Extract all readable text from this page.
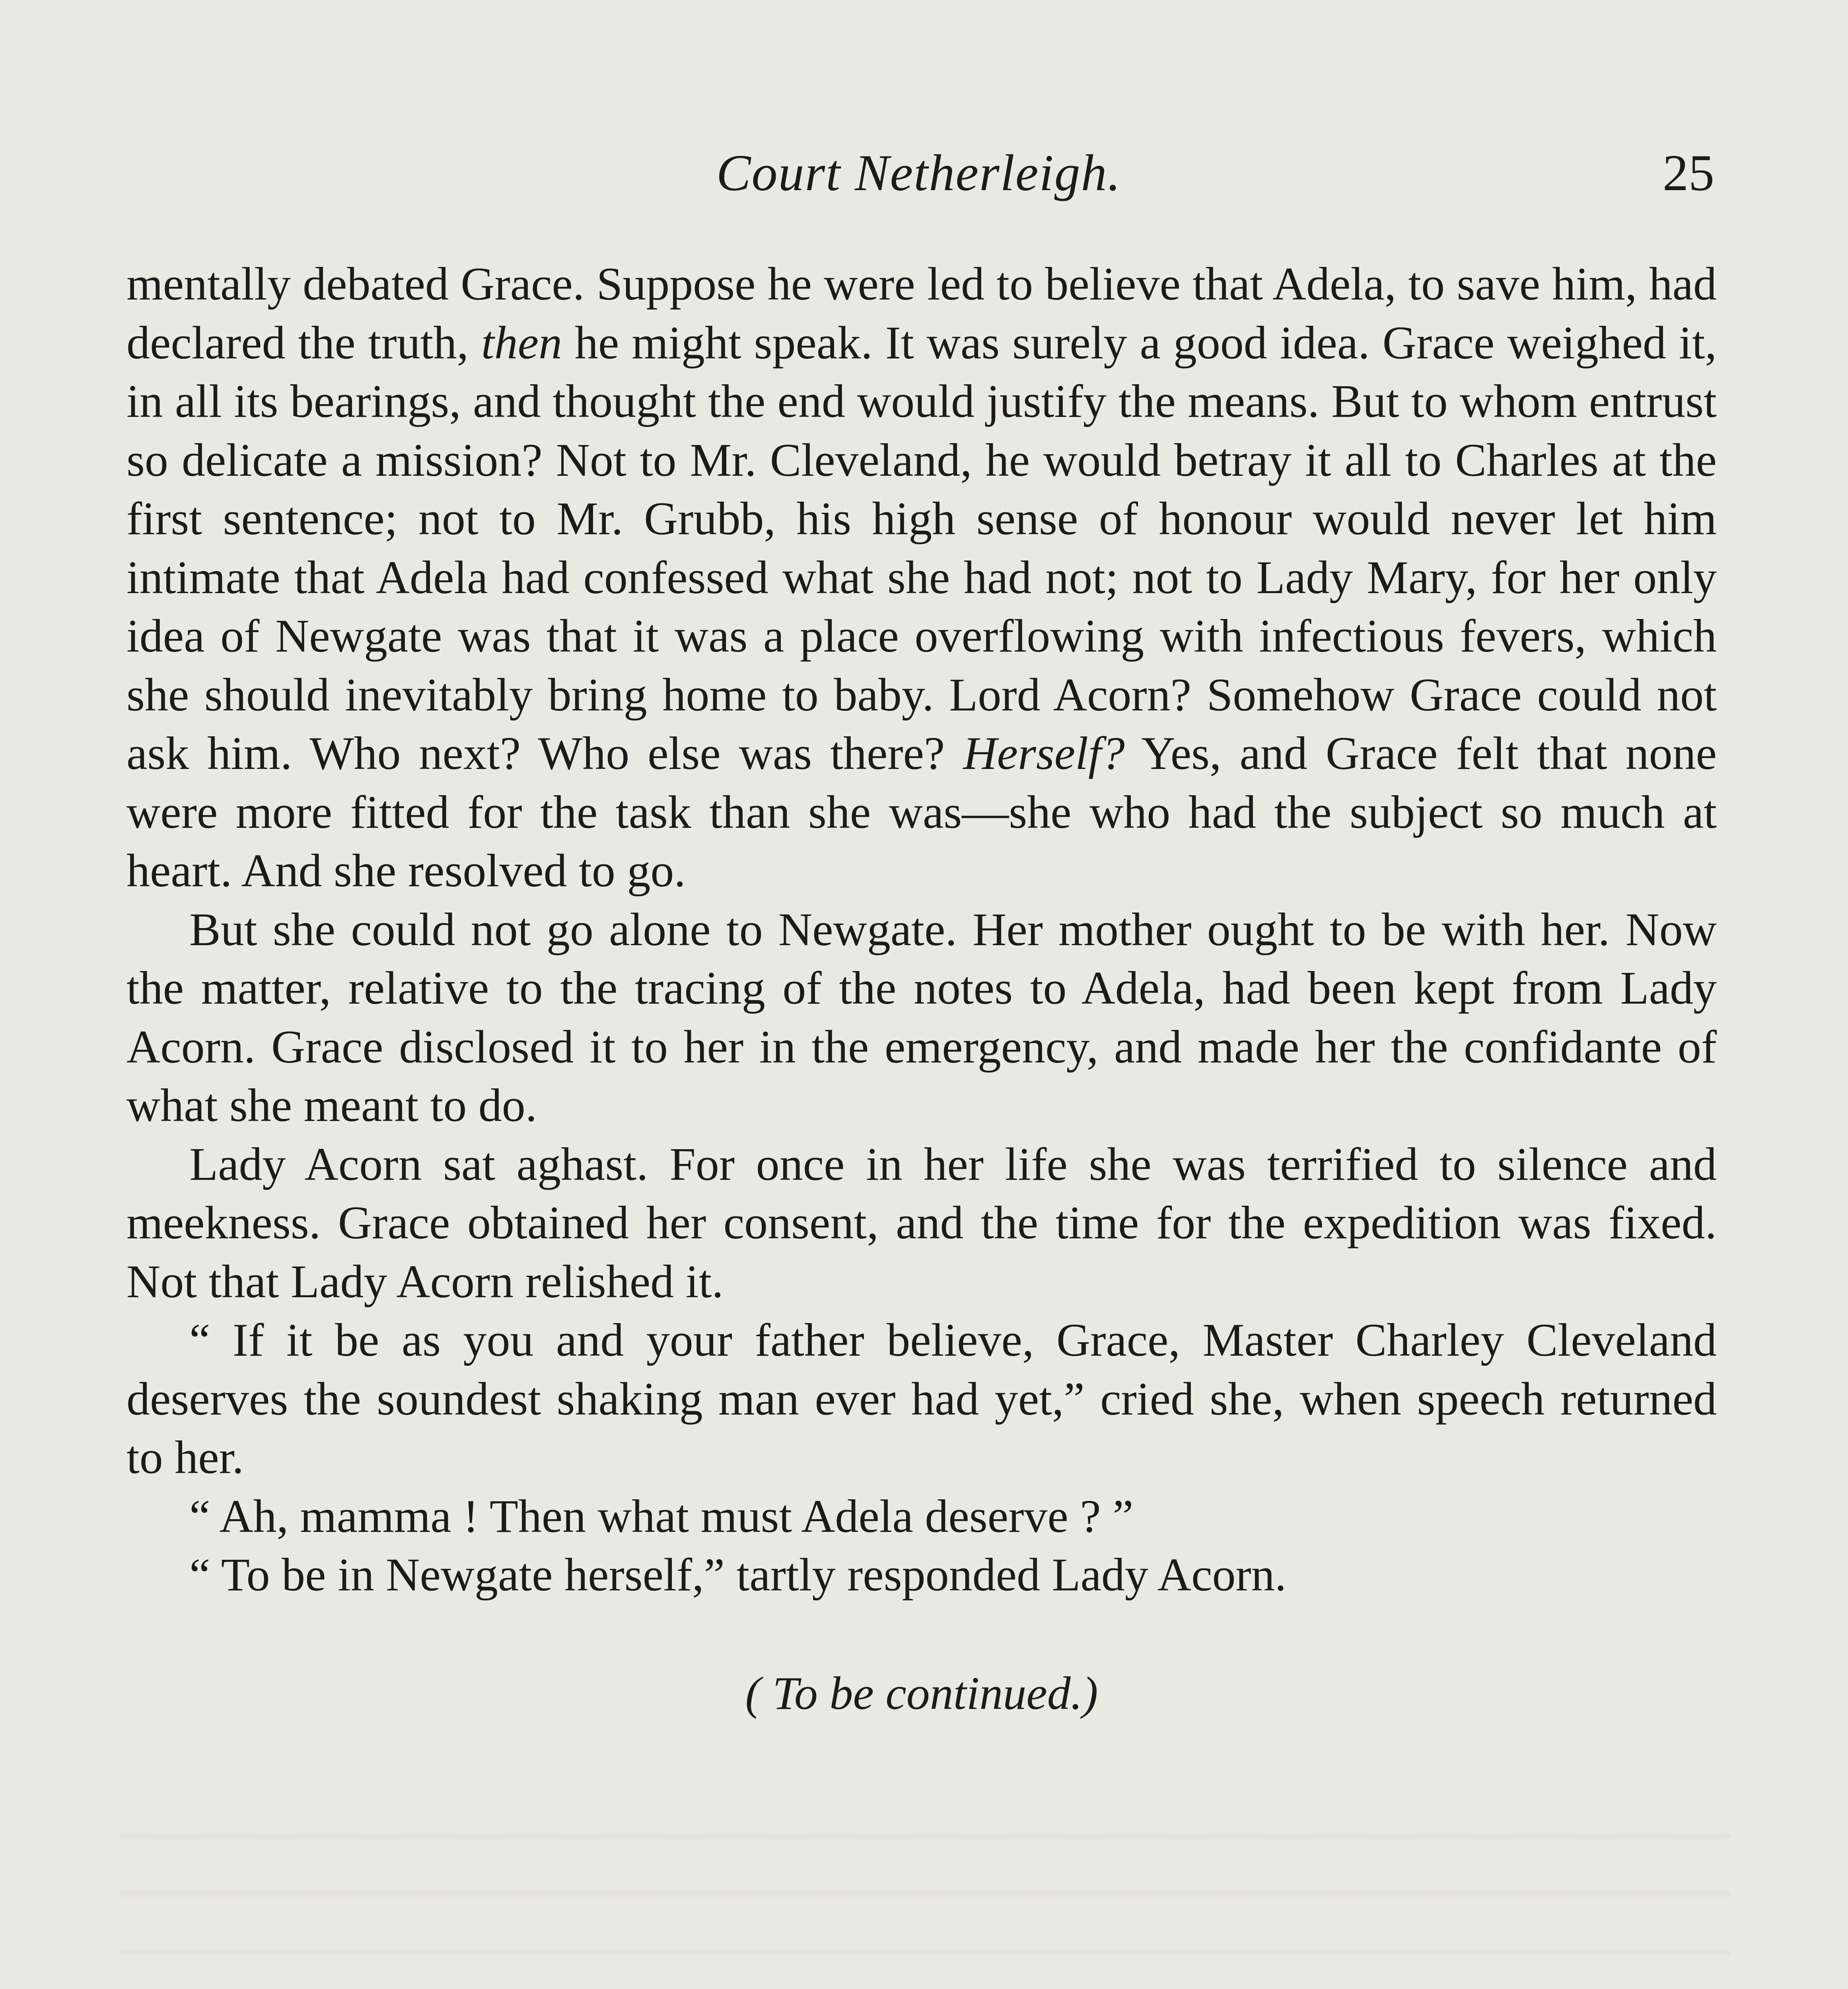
Court Netherleigh.	25

mentally debated Grace. Suppose he were led to believe that Adela, to save him, had declared the truth, then he might speak. It was surely a good idea. Grace weighed it, in all its bearings, and thought the end would justify the means. But to whom entrust so delicate a mission? Not to Mr. Cleveland, he would betray it all to Charles at the first sentence; not to Mr. Grubb, his high sense of honour would never let him intimate that Adela had confessed what she had not; not to Lady Mary, for her only idea of Newgate was that it was a place overflowing with infectious fevers, which she should inevitably bring home to baby. Lord Acorn? Somehow Grace could not ask him. Who next? Who else was there? Herself? Yes, and Grace felt that none were more fitted for the task than she was—she who had the subject so much at heart. And she resolved to go.

But she could not go alone to Newgate. Her mother ought to be with her. Now the matter, relative to the tracing of the notes to Adela, had been kept from Lady Acorn. Grace disclosed it to her in the emergency, and made her the confidante of what she meant to do.

Lady Acorn sat aghast. For once in her life she was terrified to silence and meekness. Grace obtained her consent, and the time for the expedition was fixed. Not that Lady Acorn relished it.

“ If it be as you and your father believe, Grace, Master Charley Cleveland deserves the soundest shaking man ever had yet,” cried she, when speech returned to her.

“ Ah, mamma ! Then what must Adela deserve ? ”

“ To be in Newgate herself,” tartly responded Lady Acorn.

( To be continued.)
